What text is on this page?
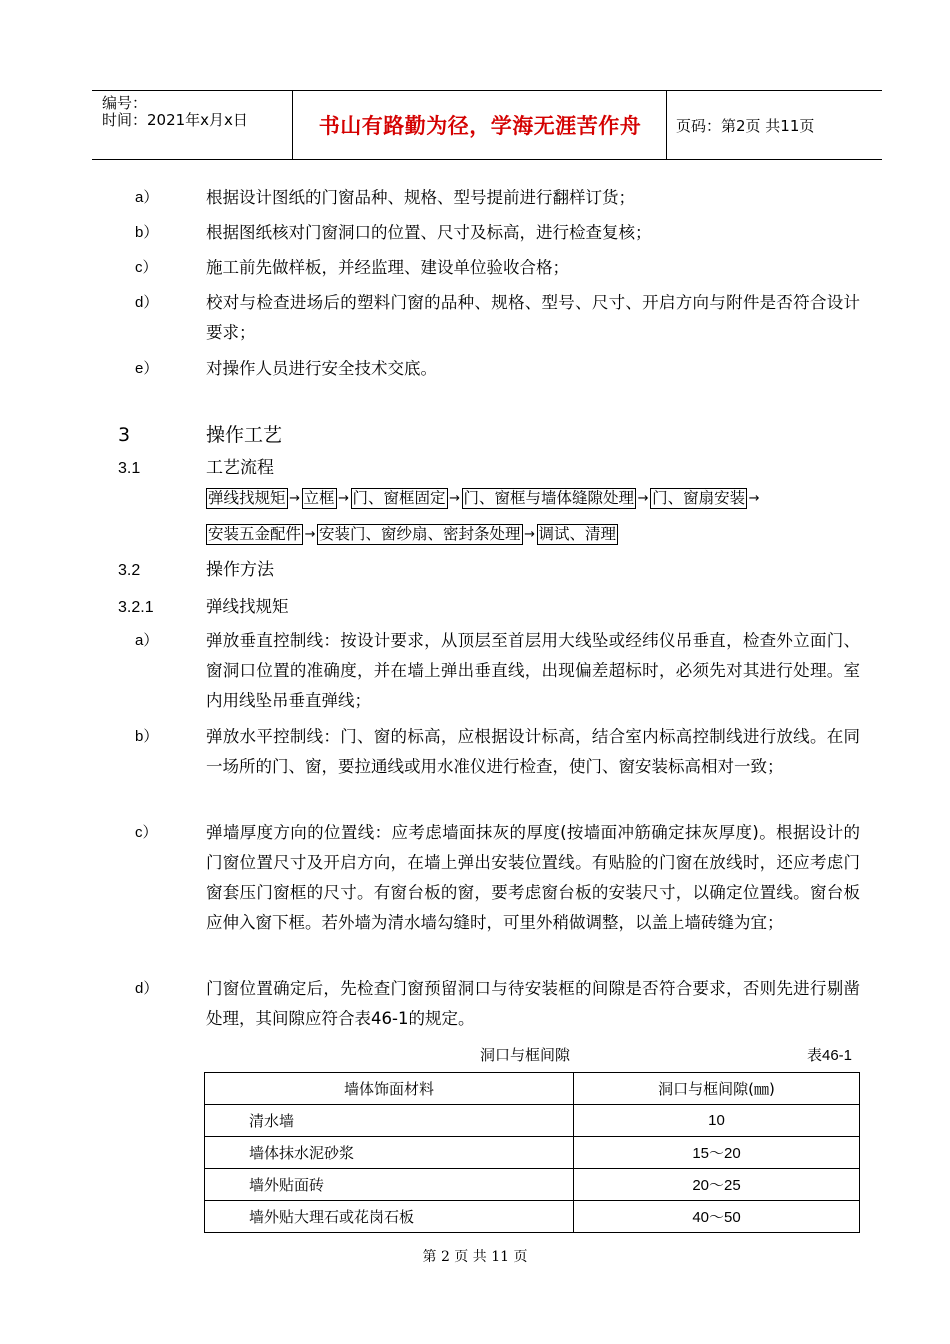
编号：
时间：2021年x月x日	书山有路勤为径，学海无涯苦作舟	页码：第2页 共11页
a）	根据设计图纸的门窗品种、规格、型号提前进行翻样订货；
b）	根据图纸核对门窗洞口的位置、尺寸及标高，进行检查复核；
c）	施工前先做样板，并经监理、建设单位验收合格；
d）	校对与检查进场后的塑料门窗的品种、规格、型号、尺寸、开启方向与附件是否符合设计要求；
e）	对操作人员进行安全技术交底。
3	操作工艺
3.1	工艺流程
弹线找规矩 → 立框 → 门、窗框固定 → 门、窗框与墙体缝隙处理 → 门、窗扇安装 →
安装五金配件 → 安装门、窗纱扇、密封条处理 → 调试、清理
3.2	操作方法
3.2.1	弹线找规矩
a）	弹放垂直控制线：按设计要求，从顶层至首层用大线坠或经纬仪吊垂直，检查外立面门、窗洞口位置的准确度，并在墙上弹出垂直线，出现偏差超标时，必须先对其进行处理。室内用线坠吊垂直弹线；
b）	弹放水平控制线：门、窗的标高，应根据设计标高，结合室内标高控制线进行放线。在同一场所的门、窗，要拉通线或用水准仪进行检查，使门、窗安装标高相对一致；
c）	弹墙厚度方向的位置线：应考虑墙面抹灰的厚度(按墙面冲筋确定抹灰厚度)。根据设计的门窗位置尺寸及开启方向，在墙上弹出安装位置线。有贴脸的门窗在放线时，还应考虑门窗套压门窗框的尺寸。有窗台板的窗，要考虑窗台板的安装尺寸，以确定位置线。窗台板应伸入窗下框。若外墙为清水墙勾缝时，可里外稍做调整，以盖上墙砖缝为宜；
d）	门窗位置确定后，先检查门窗预留洞口与待安装框的间隙是否符合要求，否则先进行剔凿处理，其间隙应符合表46-1的规定。
洞口与框间隙	表46-1
墙体饰面材料	洞口与框间隙(㎜)
清水墙	10
墙体抹水泥砂浆	15～20
墙外贴面砖	20～25
墙外贴大理石或花岗石板	40～50
第 2 页 共 11 页
